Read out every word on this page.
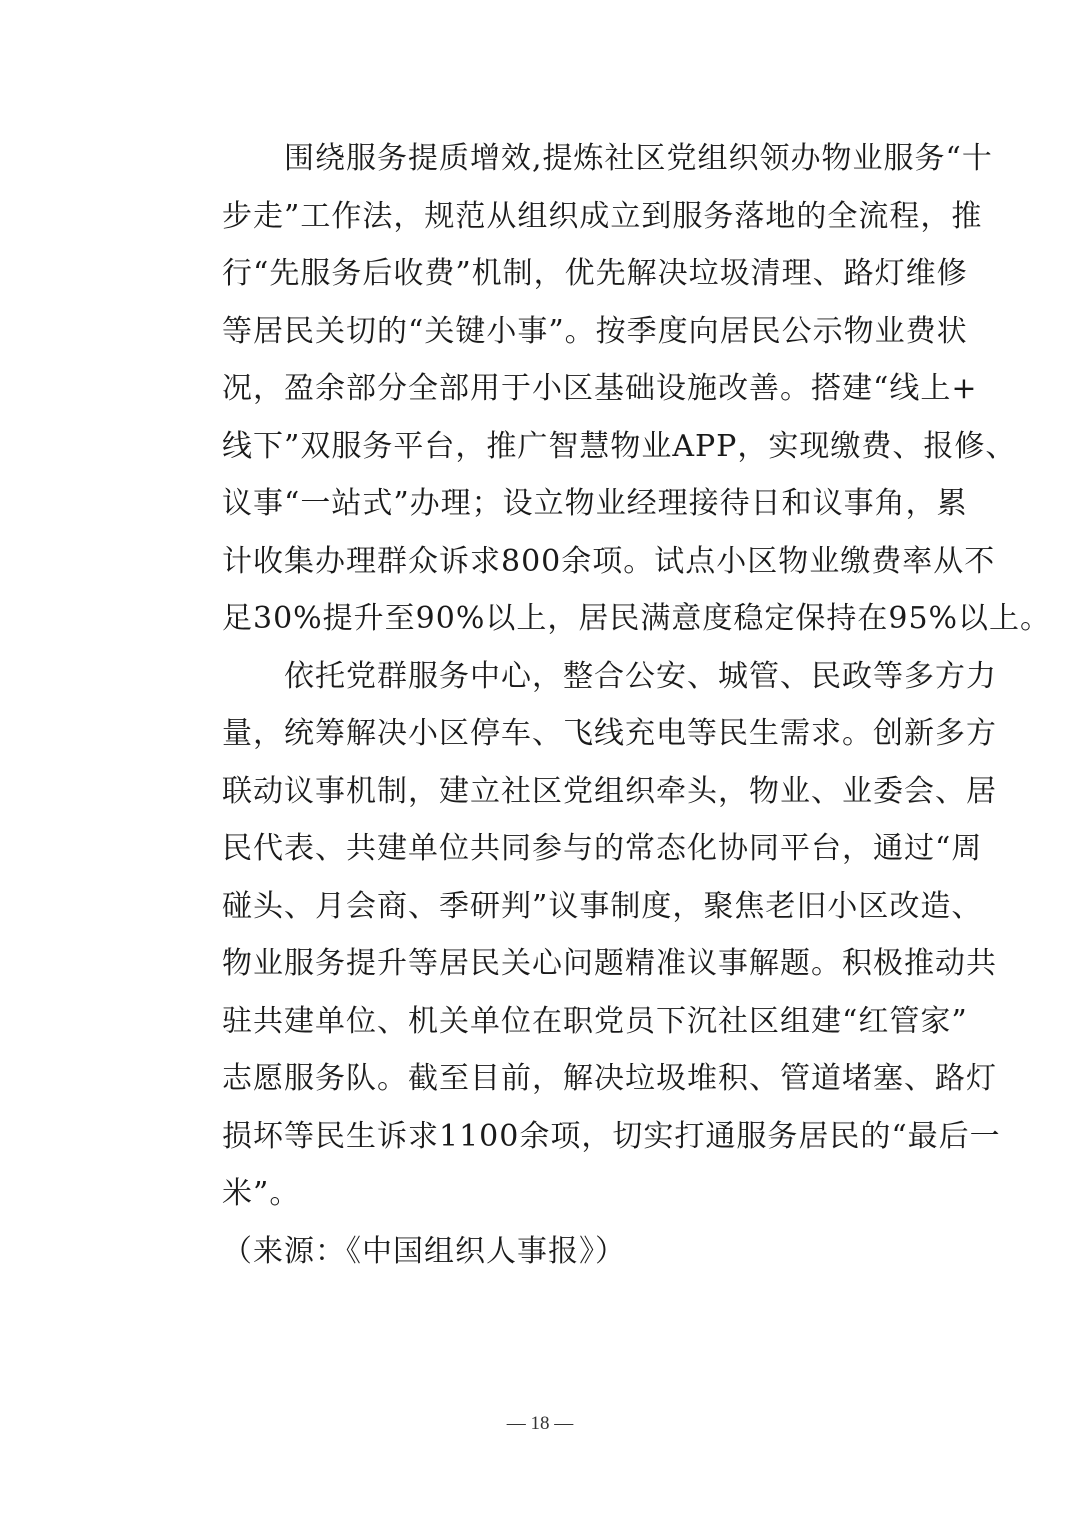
围绕服务提质增效,提炼社区党组织领办物业服务“十
步走”工作法，规范从组织成立到服务落地的全流程，推
行“先服务后收费”机制，优先解决垃圾清理、路灯维修
等居民关切的“关键小事”。按季度向居民公示物业费状
况，盈余部分全部用于小区基础设施改善。搭建“线上+
线下”双服务平台，推广智慧物业APP，实现缴费、报修、
议事“一站式”办理；设立物业经理接待日和议事角，累
计收集办理群众诉求800余项。试点小区物业缴费率从不
足30%提升至90%以上，居民满意度稳定保持在95%以上。
依托党群服务中心，整合公安、城管、民政等多方力
量，统筹解决小区停车、飞线充电等民生需求。创新多方
联动议事机制，建立社区党组织牵头，物业、业委会、居
民代表、共建单位共同参与的常态化协同平台，通过“周
碰头、月会商、季研判”议事制度，聚焦老旧小区改造、
物业服务提升等居民关心问题精准议事解题。积极推动共
驻共建单位、机关单位在职党员下沉社区组建“红管家”
志愿服务队。截至目前，解决垃圾堆积、管道堵塞、路灯
损坏等民生诉求1100余项，切实打通服务居民的“最后一
米”。
（来源：《中国组织人事报》）
— 18 —
